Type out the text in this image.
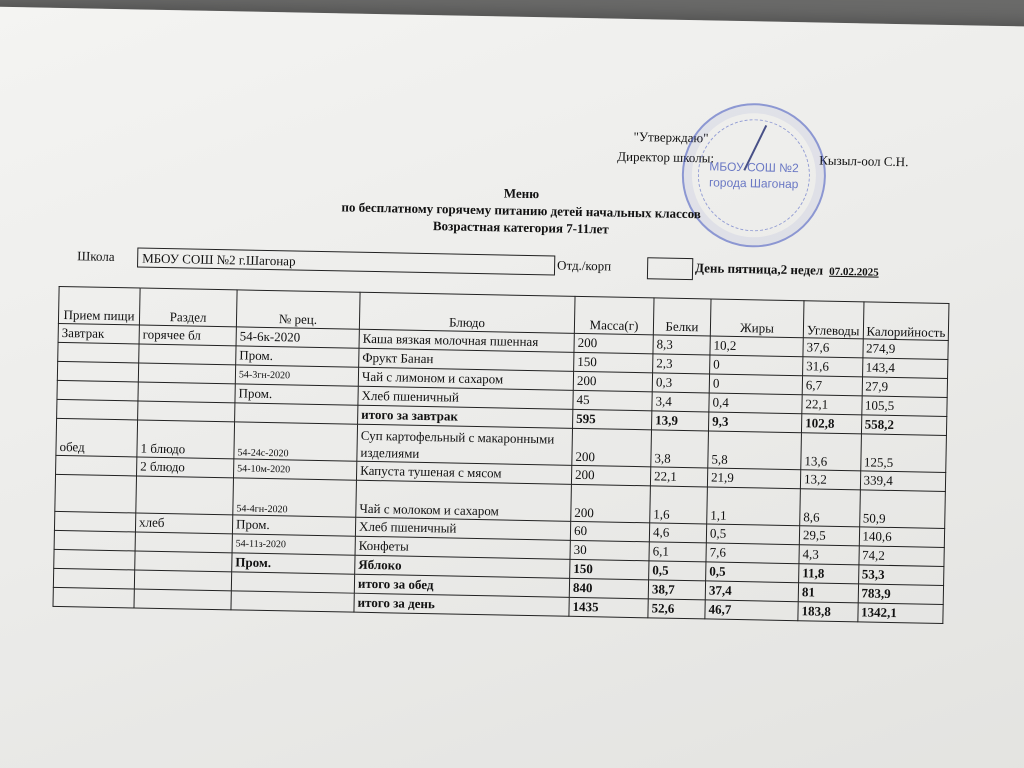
"Утверждаю"
Директор школы:	Кызыл-оол С.Н.
МБОУ СОШ №2
города Шагонар
Меню
по бесплатному горячему питанию детей начальных классов
Возрастная категория 7-11лет
Школа	МБОУ СОШ №2 г.Шагонар	Отд./корп	День пятница,2 недел 07.02.2025
Прием пищи	Раздел	№ рец.	Блюдо	Масса(г)	Белки	Жиры	Углеводы	Калорийность
Завтрак	горячее бл	54-6к-2020	Каша вязкая молочная пшенная	200	8,3	10,2	37,6	274,9
		Пром.	Фрукт Банан	150	2,3	0	31,6	143,4
		54-3гн-2020	Чай с лимоном и сахаром	200	0,3	0	6,7	27,9
		Пром.	Хлеб пшеничный	45	3,4	0,4	22,1	105,5
			итого за завтрак	595	13,9	9,3	102,8	558,2
обед	1 блюдо	54-24с-2020	Суп картофельный с макаронными изделиями	200	3,8	5,8	13,6	125,5
	2 блюдо	54-10м-2020	Капуста тушеная с мясом	200	22,1	21,9	13,2	339,4
		54-4гн-2020	Чай с молоком и сахаром	200	1,6	1,1	8,6	50,9
	хлеб	Пром.	Хлеб пшеничный	60	4,6	0,5	29,5	140,6
		54-11з-2020	Конфеты	30	6,1	7,6	4,3	74,2
		Пром.	Яблоко	150	0,5	0,5	11,8	53,3
			итого за обед	840	38,7	37,4	81	783,9
			итого за день	1435	52,6	46,7	183,8	1342,1
